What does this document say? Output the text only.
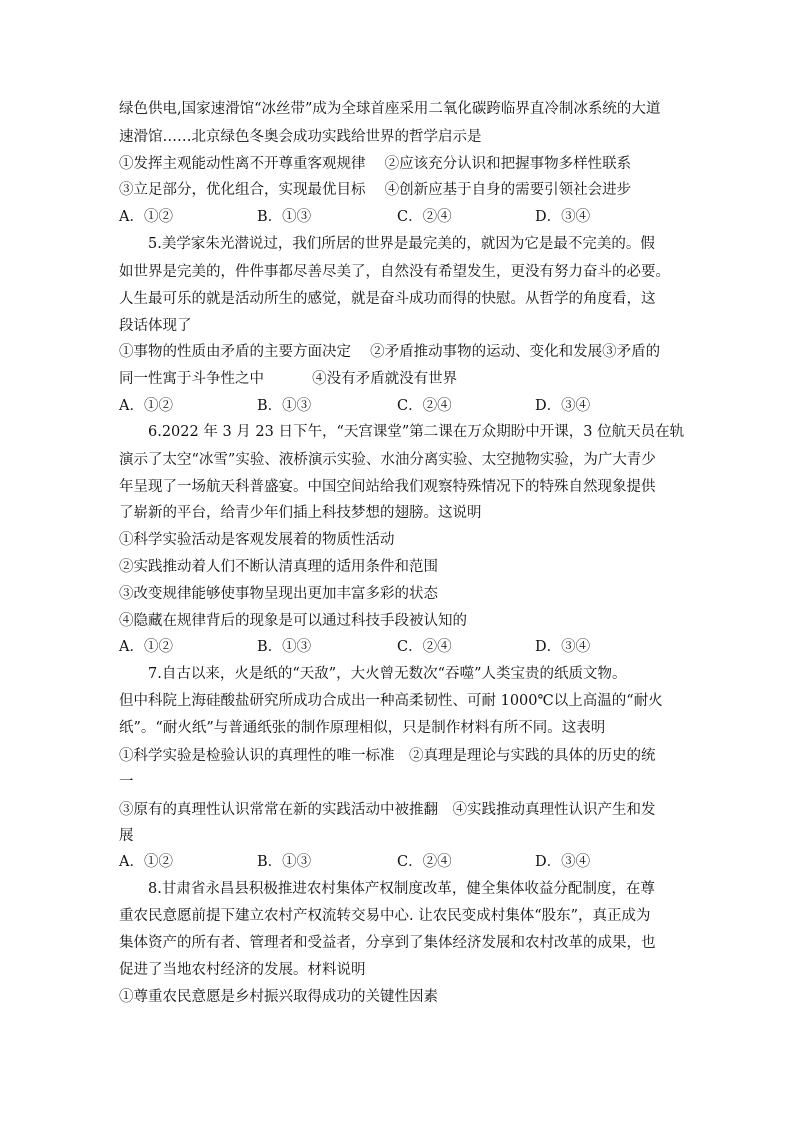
绿色供电,国家速滑馆“冰丝带”成为全球首座采用二氧化碳跨临界直冷制冰系统的大道
速滑馆……北京绿色冬奥会成功实践给世界的哲学启示是
①发挥主观能动性离不开尊重客观规律　 ②应该充分认识和把握事物多样性联系
③立足部分，优化组合，实现最优目标　 ④创新应基于自身的需要引领社会进步
A．①②	B．①③	C．②④	D．③④
5.美学家朱光潜说过，我们所居的世界是最完美的，就因为它是最不完美的。假
如世界是完美的，件件事都尽善尽美了，自然没有希望发生，更没有努力奋斗的必要。
人生最可乐的就是活动所生的感觉，就是奋斗成功而得的快慰。从哲学的角度看，这
段话体现了
①事物的性质由矛盾的主要方面决定　 ②矛盾推动事物的运动、变化和发展③矛盾的
同一性寓于斗争性之中　　　 ④没有矛盾就没有世界
A．①②	B．①③	C．②④	D．③④
6.2022 年 3 月 23 日下午，“天宫课堂”第二课在万众期盼中开课，3 位航天员在轨
演示了太空“冰雪”实验、液桥演示实验、水油分离实验、太空抛物实验，为广大青少
年呈现了一场航天科普盛宴。中国空间站给我们观察特殊情况下的特殊自然现象提供
了崭新的平台，给青少年们插上科技梦想的翅膀。这说明
①科学实验活动是客观发展着的物质性活动
②实践推动着人们不断认清真理的适用条件和范围
③改变规律能够使事物呈现出更加丰富多彩的状态
④隐藏在规律背后的现象是可以通过科技手段被认知的
A．①②	B．①③	C．②④	D．③④
7.自古以来，火是纸的“天敌”，大火曾无数次“吞噬”人类宝贵的纸质文物。
但中科院上海硅酸盐研究所成功合成出一种高柔韧性、可耐 1000℃以上高温的“耐火
纸”。“耐火纸”与普通纸张的制作原理相似，只是制作材料有所不同。这表明
①科学实验是检验认识的真理性的唯一标准　②真理是理论与实践的具体的历史的统
一
③原有的真理性认识常常在新的实践活动中被推翻　④实践推动真理性认识产生和发
展
A．①②	B．①③	C．②④	D．③④
8.甘肃省永昌县积极推进农村集体产权制度改革，健全集体收益分配制度，在尊
重农民意愿前提下建立农村产权流转交易中心. 让农民变成村集体“股东”，真正成为
集体资产的所有者、管理者和受益者，分享到了集体经济发展和农村改革的成果，也
促进了当地农村经济的发展。材料说明
①尊重农民意愿是乡村振兴取得成功的关键性因素
